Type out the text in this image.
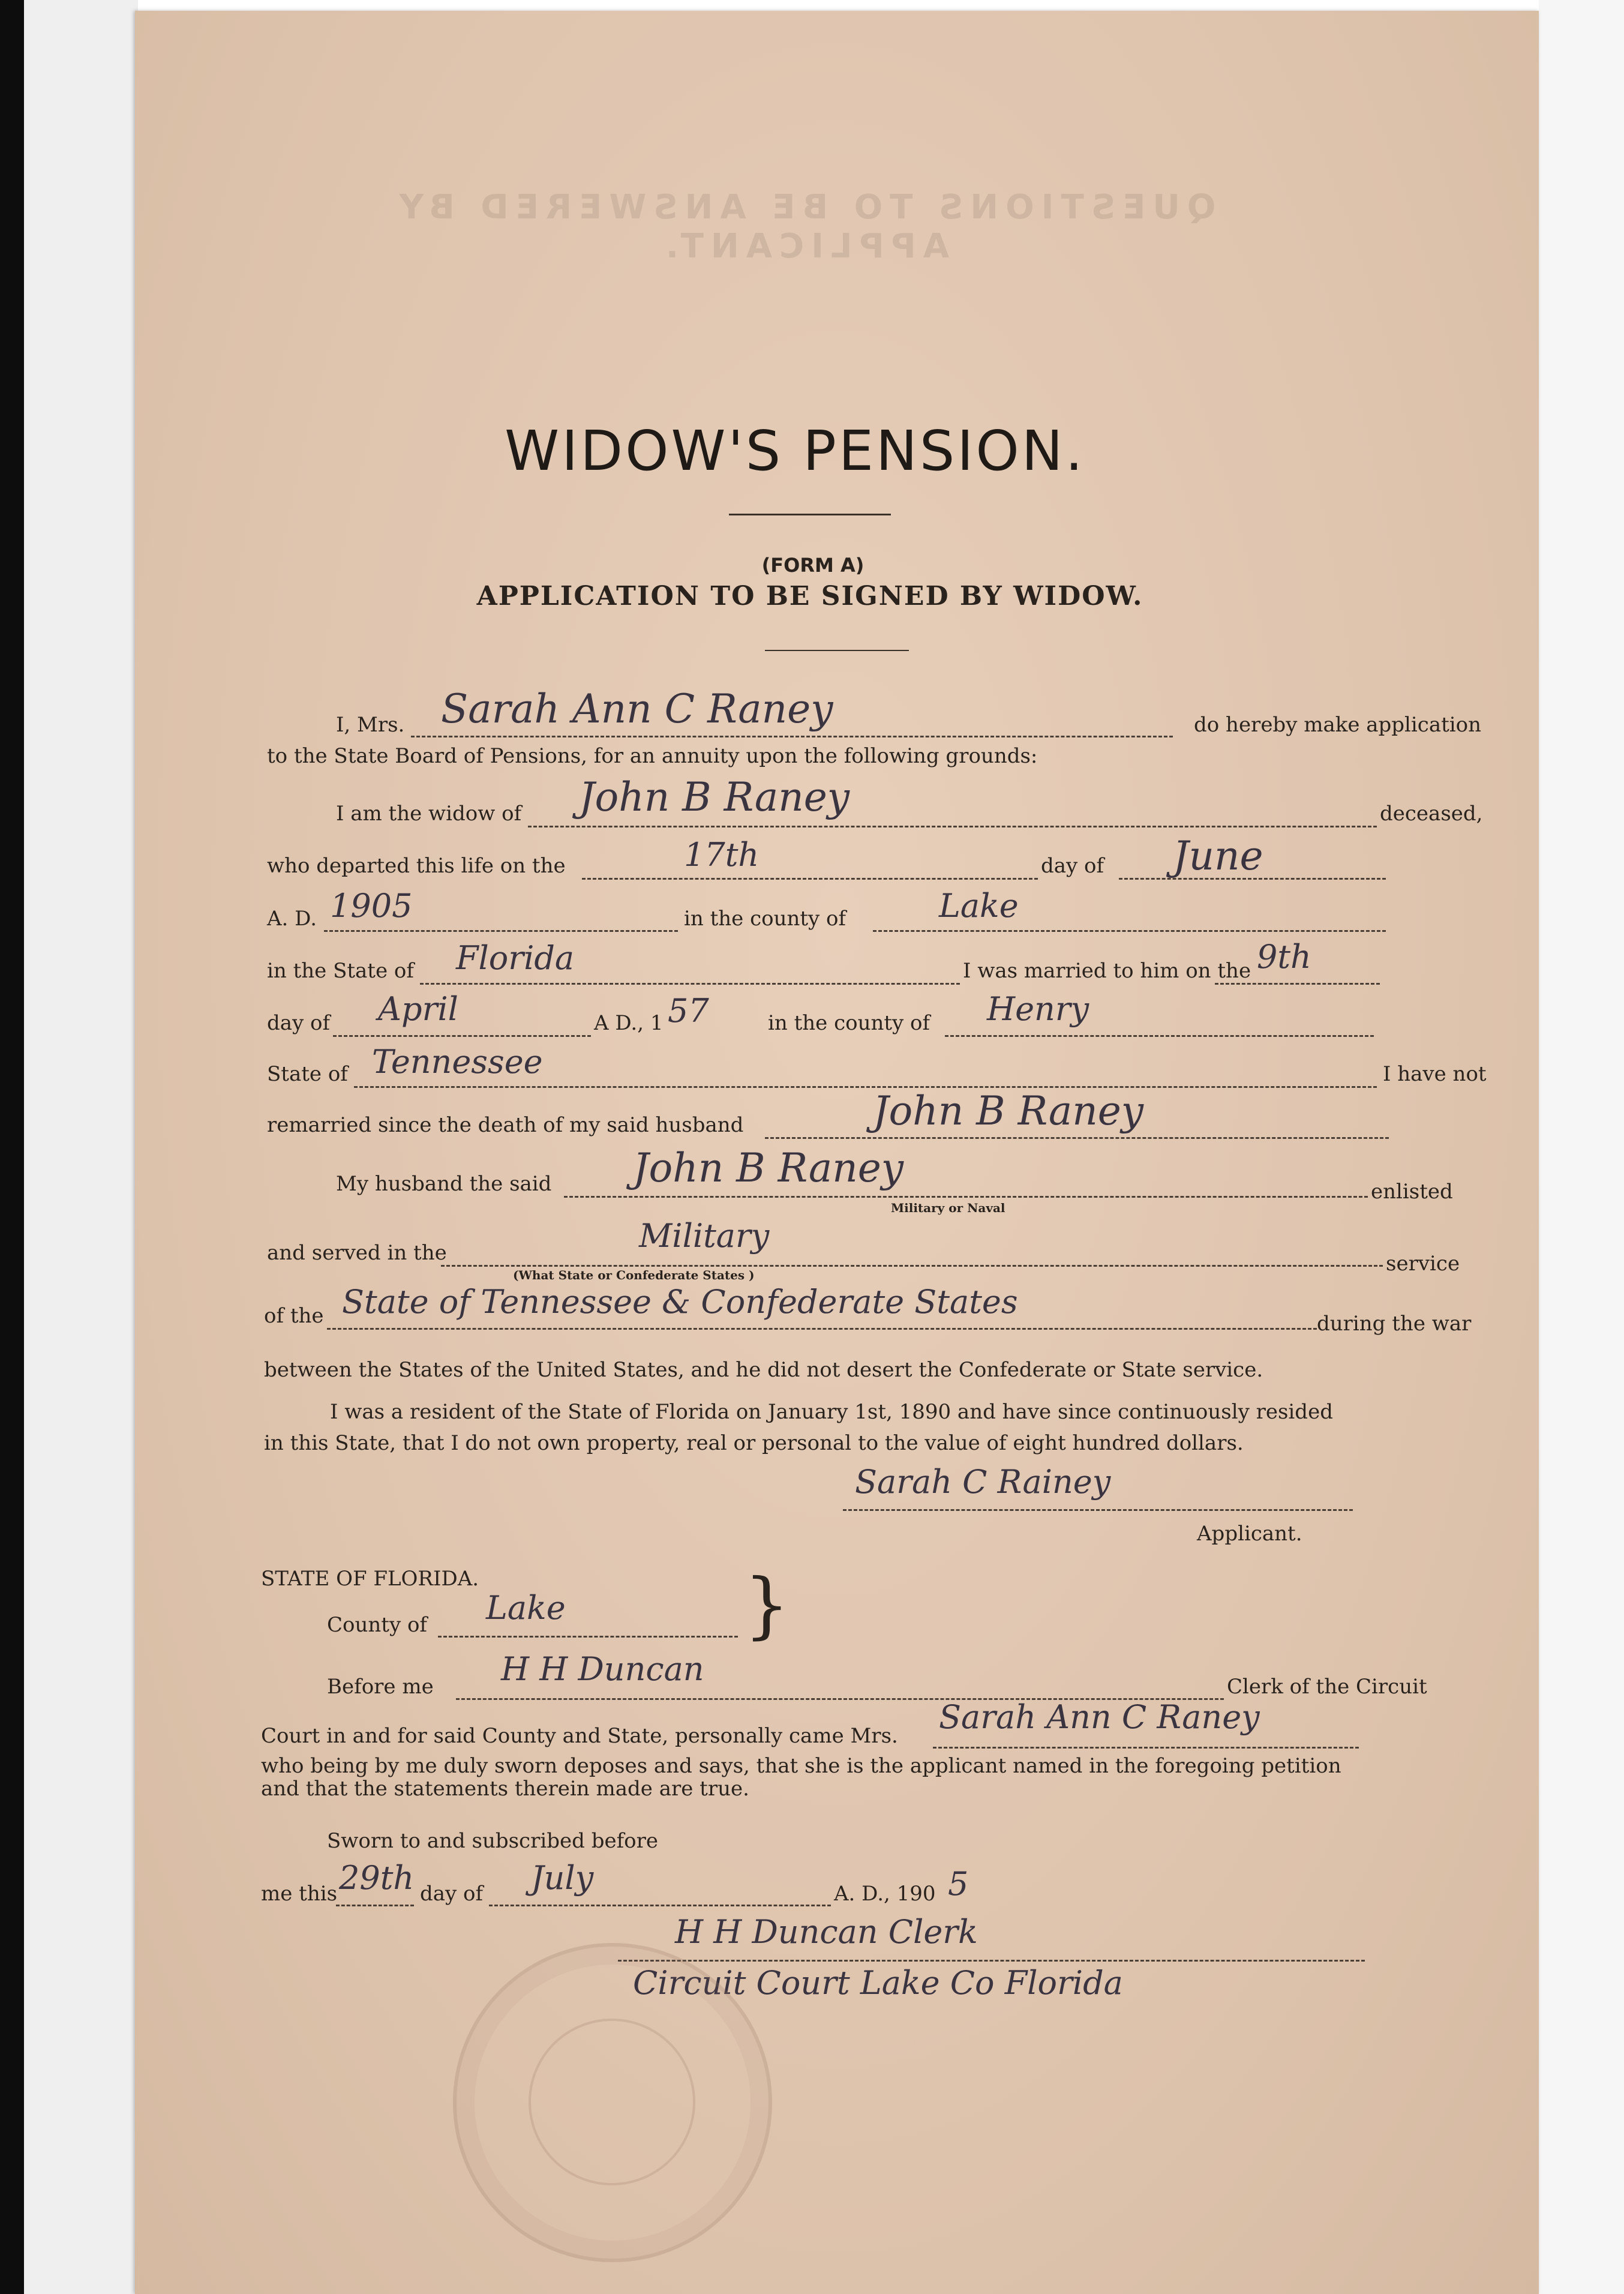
QUESTIONS TO BE ANSWERED BY APPLICANT.
WIDOW'S PENSION.
(FORM A)
APPLICATION TO BE SIGNED BY WIDOW.
I, Mrs. Sarah Ann C Raney	do hereby make application
to the State Board of Pensions, for an annuity upon the following grounds:
I am the widow of John B Raney	deceased,
who departed this life on the	17th	day of June
A. D. 1905	in the county of	Lake
in the State of Florida	I was married to him on the 9th
day of April	A D., 1 57	in the county of Henry
State of Tennessee	I have not
remarried since the death of my said husband	John B Raney
My husband the said John B Raney
Military or Naval
enlisted
and served in the	Military
(What State or Confederate States )	service
of the State of Tennessee & Confederate States
during the war
between the States of the United States, and he did not desert the Confederate or State service.
I was a resident of the State of Florida on January 1st, 1890 and have since continuously resided
in this State, that I do not own property, real or personal to the value of eight hundred dollars.
Sarah C Rainey
Applicant.
STATE OF FLORIDA.
County of Lake }
Before me H H Duncan	Clerk of the Circuit
Court in and for said County and State, personally came Mrs. Sarah Ann C Raney
who being by me duly sworn deposes and says, that she is the applicant named in the foregoing petition
and that the statements therein made are true.
Sworn to and subscribed before
me this 29th day of July	A. D., 190 5
H H Duncan Clerk
Circuit Court Lake Co Florida
